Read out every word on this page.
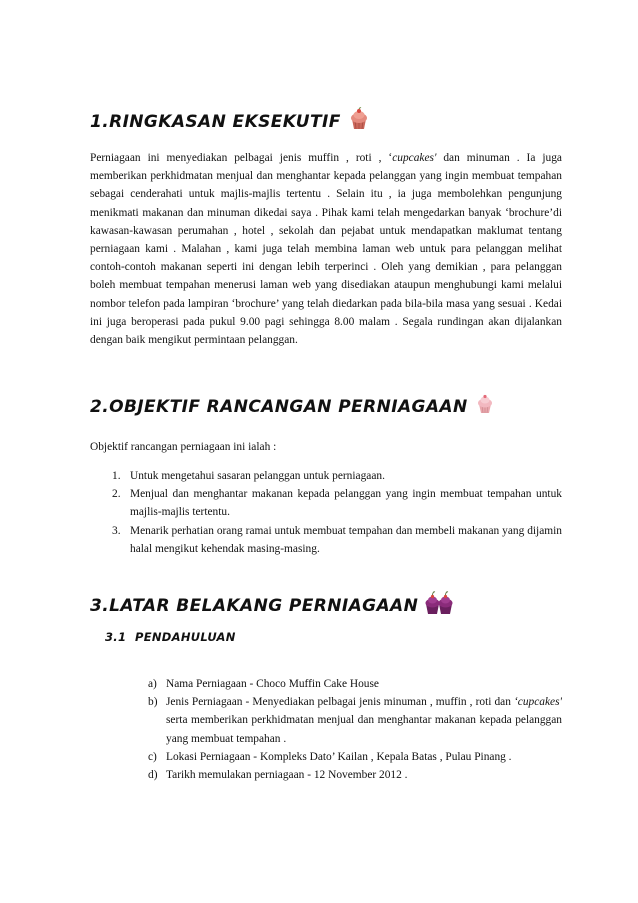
1.RINGKASAN EKSEKUTIF

Perniagaan ini menyediakan pelbagai jenis muffin , roti , ‘cupcakes' dan minuman . Ia juga memberikan perkhidmatan menjual dan menghantar kepada pelanggan yang ingin membuat tempahan sebagai cenderahati untuk majlis-majlis tertentu . Selain itu , ia juga membolehkan pengunjung menikmati makanan dan minuman dikedai saya . Pihak kami telah mengedarkan banyak ‘brochure’di kawasan-kawasan perumahan , hotel , sekolah dan pejabat untuk mendapatkan maklumat tentang perniagaan kami . Malahan , kami juga telah membina laman web untuk para pelanggan melihat contoh-contoh makanan seperti ini dengan lebih terperinci . Oleh yang demikian , para pelanggan boleh membuat tempahan menerusi laman web yang disediakan ataupun menghubungi kami melalui nombor telefon pada lampiran ‘brochure’ yang telah diedarkan pada bila-bila masa yang sesuai . Kedai ini juga beroperasi pada pukul 9.00 pagi sehingga 8.00 malam . Segala rundingan akan dijalankan dengan baik mengikut permintaan pelanggan.

2.OBJEKTIF RANCANGAN PERNIAGAAN

Objektif rancangan perniagaan ini ialah :

1. Untuk mengetahui sasaran pelanggan untuk perniagaan.
2. Menjual dan menghantar makanan kepada pelanggan yang ingin membuat tempahan untuk majlis-majlis tertentu.
3. Menarik perhatian orang ramai untuk membuat tempahan dan membeli makanan yang dijamin halal mengikut kehendak masing-masing.
3.LATAR BELAKANG PERNIAGAAN
3.1 PENDAHULUAN
a) Nama Perniagaan - Choco Muffin Cake House
b) Jenis Perniagaan - Menyediakan pelbagai jenis minuman , muffin , roti dan ‘cupcakes' serta memberikan perkhidmatan menjual dan menghantar makanan kepada pelanggan yang membuat tempahan .
c) Lokasi Perniagaan - Kompleks Dato’ Kailan , Kepala Batas , Pulau Pinang .
d) Tarikh memulakan perniagaan - 12 November 2012 .
